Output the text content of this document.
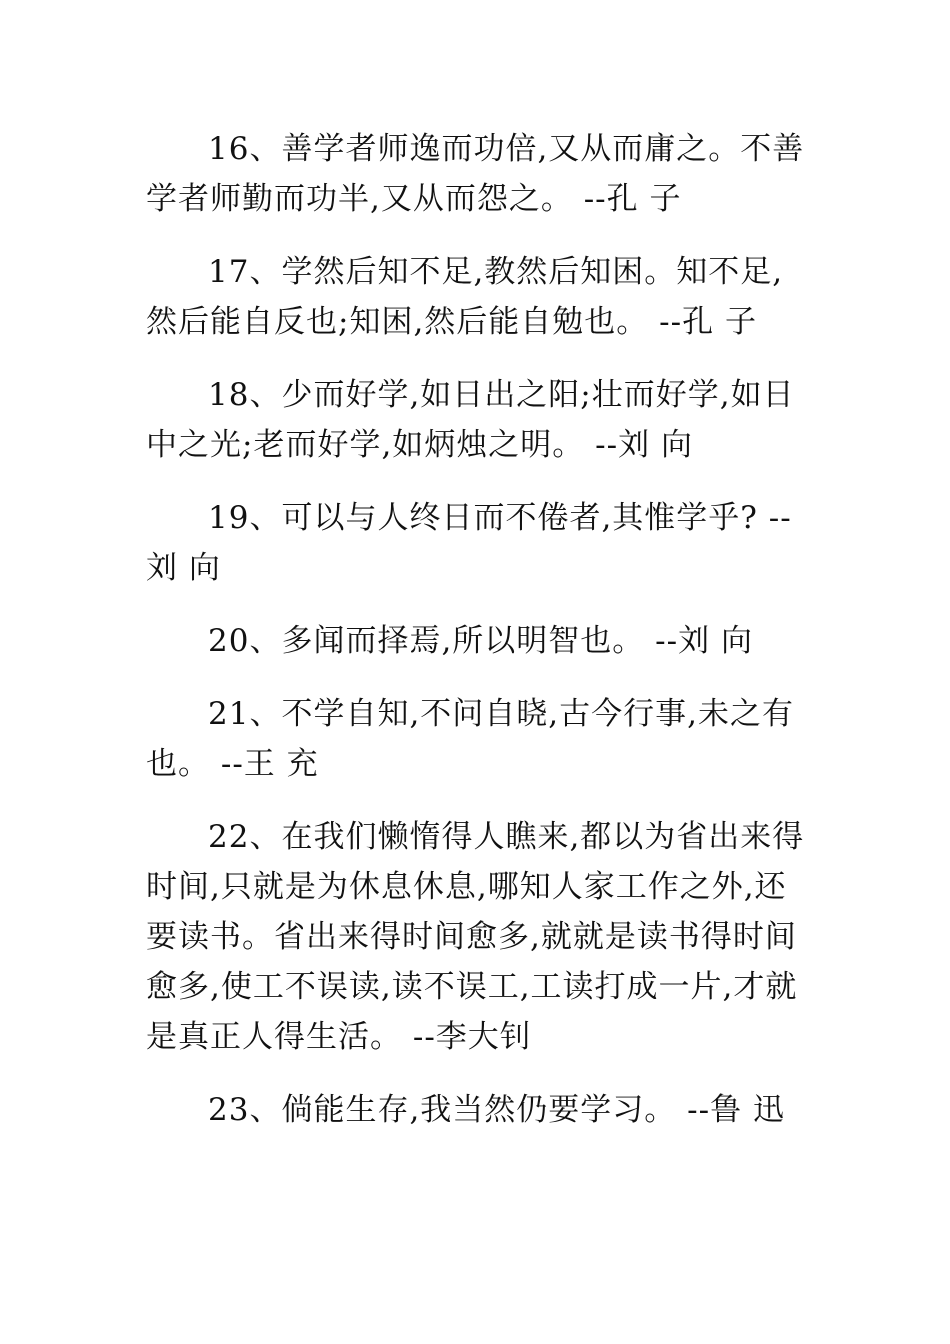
16、善学者师逸而功倍,又从而庸之。不善学者师勤而功半,又从而怨之。 --孔 子

17、学然后知不足,教然后知困。知不足,然后能自反也;知困,然后能自勉也。 --孔 子

18、少而好学,如日出之阳;壮而好学,如日中之光;老而好学,如炳烛之明。 --刘 向

19、可以与人终日而不倦者,其惟学乎? --刘 向

20、多闻而择焉,所以明智也。 --刘 向

21、不学自知,不问自晓,古今行事,未之有也。 --王 充

22、在我们懒惰得人瞧来,都以为省出来得时间,只就是为休息休息,哪知人家工作之外,还要读书。省出来得时间愈多,就就是读书得时间愈多,使工不误读,读不误工,工读打成一片,才就是真正人得生活。 --李大钊

23、倘能生存,我当然仍要学习。 --鲁 迅
